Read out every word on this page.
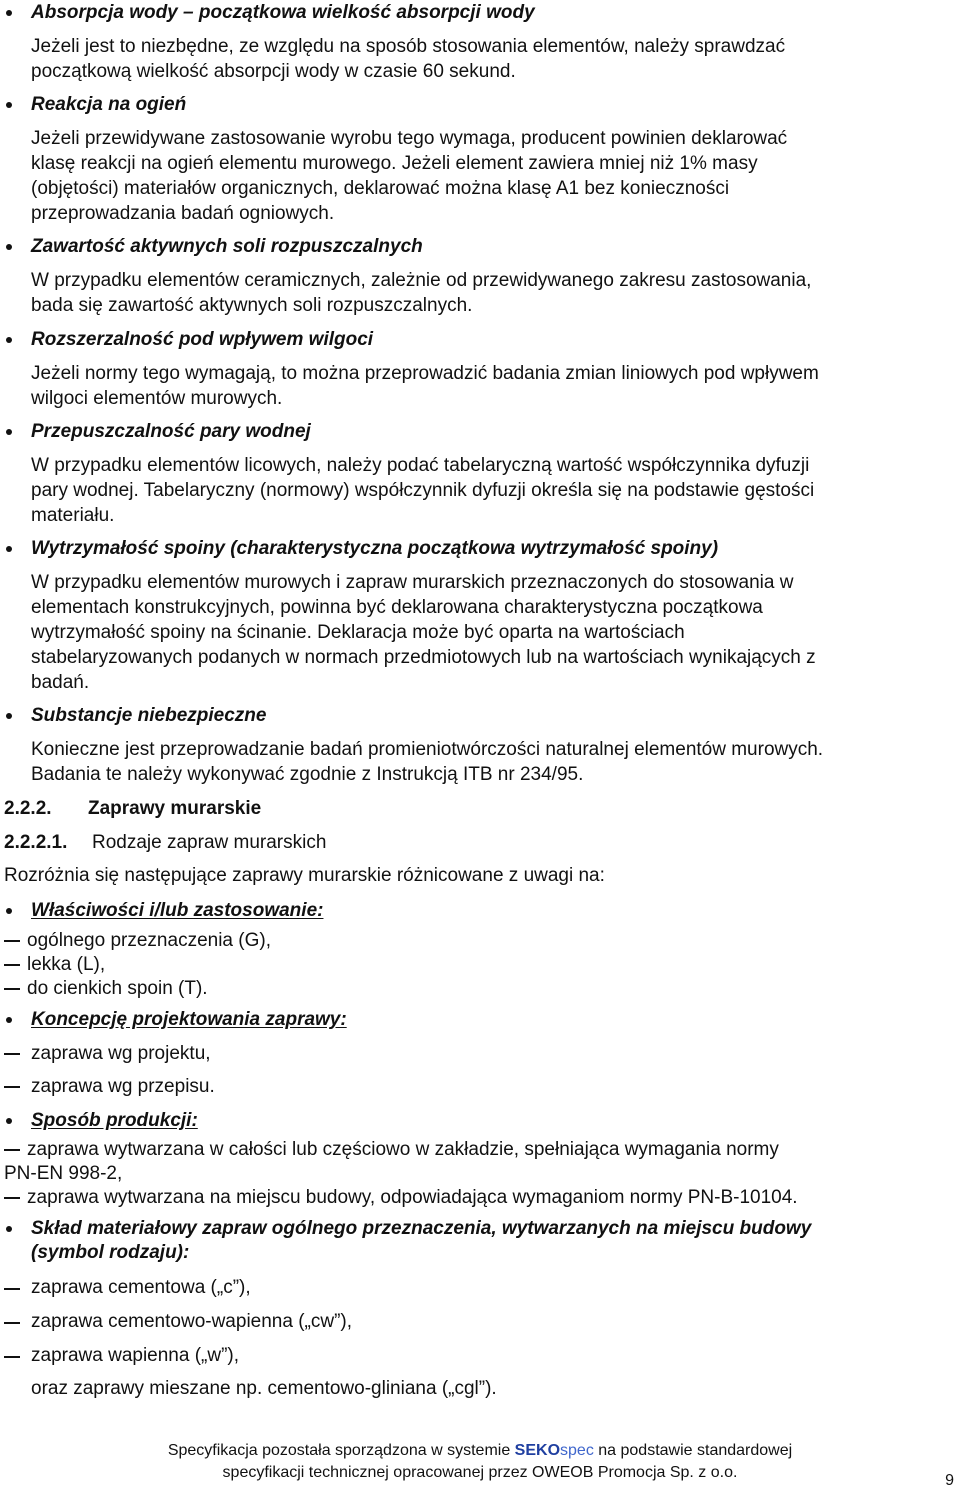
Absorpcja wody – początkowa wielkość absorpcji wody

Jeżeli jest to niezbędne, ze względu na sposób stosowania elementów, należy sprawdzać

początkową wielkość absorpcji wody w czasie 60 sekund.

Reakcja na ogień

Jeżeli przewidywane zastosowanie wyrobu tego wymaga, producent powinien deklarować

klasę reakcji na ogień elementu murowego. Jeżeli element zawiera mniej niż 1% masy

(objętości) materiałów organicznych, deklarować można klasę A1 bez konieczności

przeprowadzania badań ogniowych.

Zawartość aktywnych soli rozpuszczalnych

W przypadku elementów ceramicznych, zależnie od przewidywanego zakresu zastosowania,

bada się zawartość aktywnych soli rozpuszczalnych.

Rozszerzalność pod wpływem wilgoci

Jeżeli normy tego wymagają, to można przeprowadzić badania zmian liniowych pod wpływem

wilgoci elementów murowych.

Przepuszczalność pary wodnej

W przypadku elementów licowych, należy podać tabelaryczną wartość współczynnika dyfuzji

pary wodnej. Tabelaryczny (normowy) współczynnik dyfuzji określa się na podstawie gęstości

materiału.

Wytrzymałość spoiny (charakterystyczna początkowa wytrzymałość spoiny)

W przypadku elementów murowych i zapraw murarskich przeznaczonych do stosowania w

elementach konstrukcyjnych, powinna być deklarowana charakterystyczna początkowa

wytrzymałość spoiny na ścinanie. Deklaracja może być oparta na wartościach

stabelaryzowanych podanych w normach przedmiotowych lub na wartościach wynikających z

badań.

Substancje niebezpieczne

Konieczne jest przeprowadzanie badań promieniotwórczości naturalnej elementów murowych.

Badania te należy wykonywać zgodnie z Instrukcją ITB nr 234/95.

2.2.2. Zaprawy murarskie

2.2.2.1. Rodzaje zapraw murarskich

Rozróżnia się następujące zaprawy murarskie różnicowane z uwagi na:

Właściwości i/lub zastosowanie:

ogólnego przeznaczenia (G),

lekka (L),

do cienkich spoin (T).

Koncepcję projektowania zaprawy:

zaprawa wg projektu,

zaprawa wg przepisu.

Sposób produkcji:

zaprawa wytwarzana w całości lub częściowo w zakładzie, spełniająca wymagania normy

PN-EN 998-2,

zaprawa wytwarzana na miejscu budowy, odpowiadająca wymaganiom normy PN-B-10104.

Skład materiałowy zapraw ogólnego przeznaczenia, wytwarzanych na miejscu budowy

(symbol rodzaju):

zaprawa cementowa („c”),

zaprawa cementowo-wapienna („cw”),

zaprawa wapienna („w”),

oraz zaprawy mieszane np. cementowo-gliniana („cgl”).

Specyfikacja pozostała sporządzona w systemie SEKOspec na podstawie standardowej
specyfikacji technicznej opracowanej przez OWEOB Promocja Sp. z o.o.	9
